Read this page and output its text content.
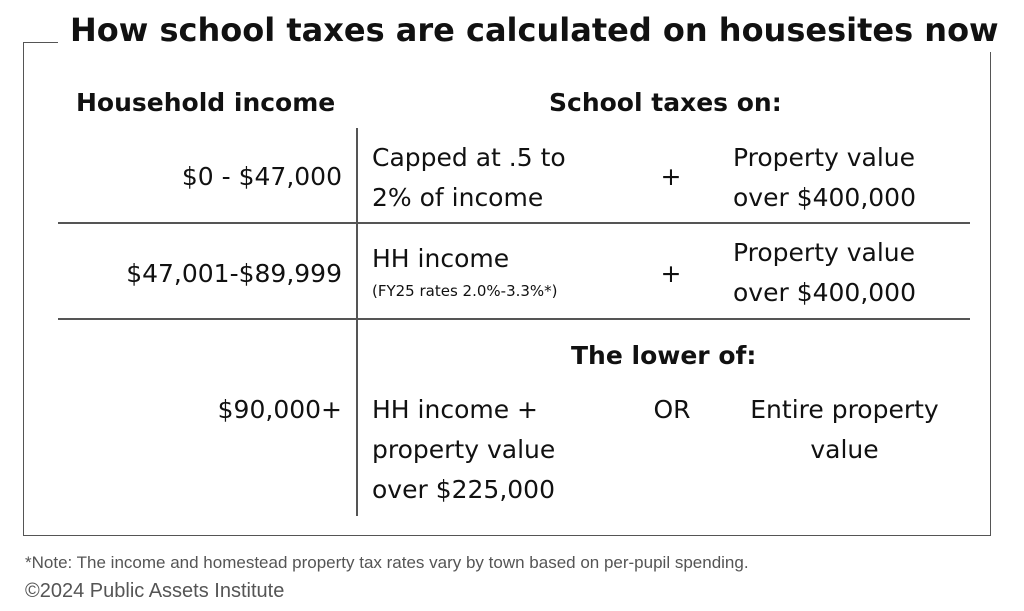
How school taxes are calculated on housesites now
Household income	School taxes on:
$0 - $47,000
Capped at .5 to
2% of income
+
Property value
over $400,000
$47,001-$89,999
HH income
(FY25 rates 2.0%-3.3%*)
+
Property value
over $400,000
$90,000+
The lower of:
HH income +
property value
over $225,000
OR	Entire property
value
*Note: The income and homestead property tax rates vary by town based on per-pupil spending.
©2024 Public Assets Institute
